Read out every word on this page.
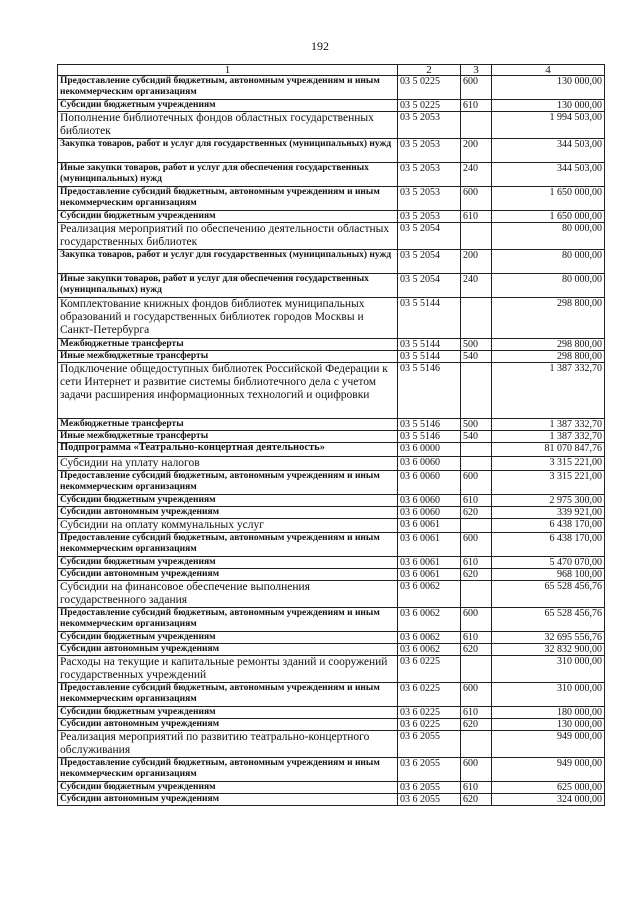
192
1	2	3	4
Предоставление субсидий бюджетным, автономным учреждениям и иным некоммерческим организациям	03 5 0225	600	130 000,00
Субсидии бюджетным учреждениям	03 5 0225	610	130 000,00
Пополнение библиотечных фондов областных государственных библиотек	03 5 2053		1 994 503,00
Закупка товаров, работ и услуг для государственных (муниципальных) нужд	03 5 2053	200	344 503,00
Иные закупки товаров, работ и услуг для обеспечения государственных (муниципальных) нужд	03 5 2053	240	344 503,00
Предоставление субсидий бюджетным, автономным учреждениям и иным некоммерческим организациям	03 5 2053	600	1 650 000,00
Субсидии бюджетным учреждениям	03 5 2053	610	1 650 000,00
Реализация мероприятий по обеспечению деятельности областных государственных библиотек	03 5 2054		80 000,00
Закупка товаров, работ и услуг для государственных (муниципальных) нужд	03 5 2054	200	80 000,00
Иные закупки товаров, работ и услуг для обеспечения государственных (муниципальных) нужд	03 5 2054	240	80 000,00
Комплектование книжных фондов библиотек муниципальных образований и государственных библиотек городов Москвы и Санкт-Петербурга	03 5 5144		298 800,00
Межбюджетные трансферты	03 5 5144	500	298 800,00
Иные межбюджетные трансферты	03 5 5144	540	298 800,00
Подключение общедоступных библиотек Российской Федерации к сети Интернет и развитие системы библиотечного дела с учетом задачи расширения информационных технологий и оцифровки	03 5 5146		1 387 332,70
Межбюджетные трансферты	03 5 5146	500	1 387 332,70
Иные межбюджетные трансферты	03 5 5146	540	1 387 332,70
Подпрограмма «Театрально-концертная деятельность»	03 6 0000		81 070 847,76
Субсидии на уплату налогов	03 6 0060		3 315 221,00
Предоставление субсидий бюджетным, автономным учреждениям и иным некоммерческим организациям	03 6 0060	600	3 315 221,00
Субсидии бюджетным учреждениям	03 6 0060	610	2 975 300,00
Субсидии автономным учреждениям	03 6 0060	620	339 921,00
Субсидии на оплату коммунальных услуг	03 6 0061		6 438 170,00
Предоставление субсидий бюджетным, автономным учреждениям и иным некоммерческим организациям	03 6 0061	600	6 438 170,00
Субсидии бюджетным учреждениям	03 6 0061	610	5 470 070,00
Субсидии автономным учреждениям	03 6 0061	620	968 100,00
Субсидии на финансовое обеспечение выполнения государственного задания	03 6 0062		65 528 456,76
Предоставление субсидий бюджетным, автономным учреждениям и иным некоммерческим организациям	03 6 0062	600	65 528 456,76
Субсидии бюджетным учреждениям	03 6 0062	610	32 695 556,76
Субсидии автономным учреждениям	03 6 0062	620	32 832 900,00
Расходы на текущие и капитальные ремонты зданий и сооружений государственных учреждений	03 6 0225		310 000,00
Предоставление субсидий бюджетным, автономным учреждениям и иным некоммерческим организациям	03 6 0225	600	310 000,00
Субсидии бюджетным учреждениям	03 6 0225	610	180 000,00
Субсидии автономным учреждениям	03 6 0225	620	130 000,00
Реализация мероприятий по развитию театрально-концертного обслуживания	03 6 2055		949 000,00
Предоставление субсидий бюджетным, автономным учреждениям и иным некоммерческим организациям	03 6 2055	600	949 000,00
Субсидии бюджетным учреждениям	03 6 2055	610	625 000,00
Субсидии автономным учреждениям	03 6 2055	620	324 000,00
